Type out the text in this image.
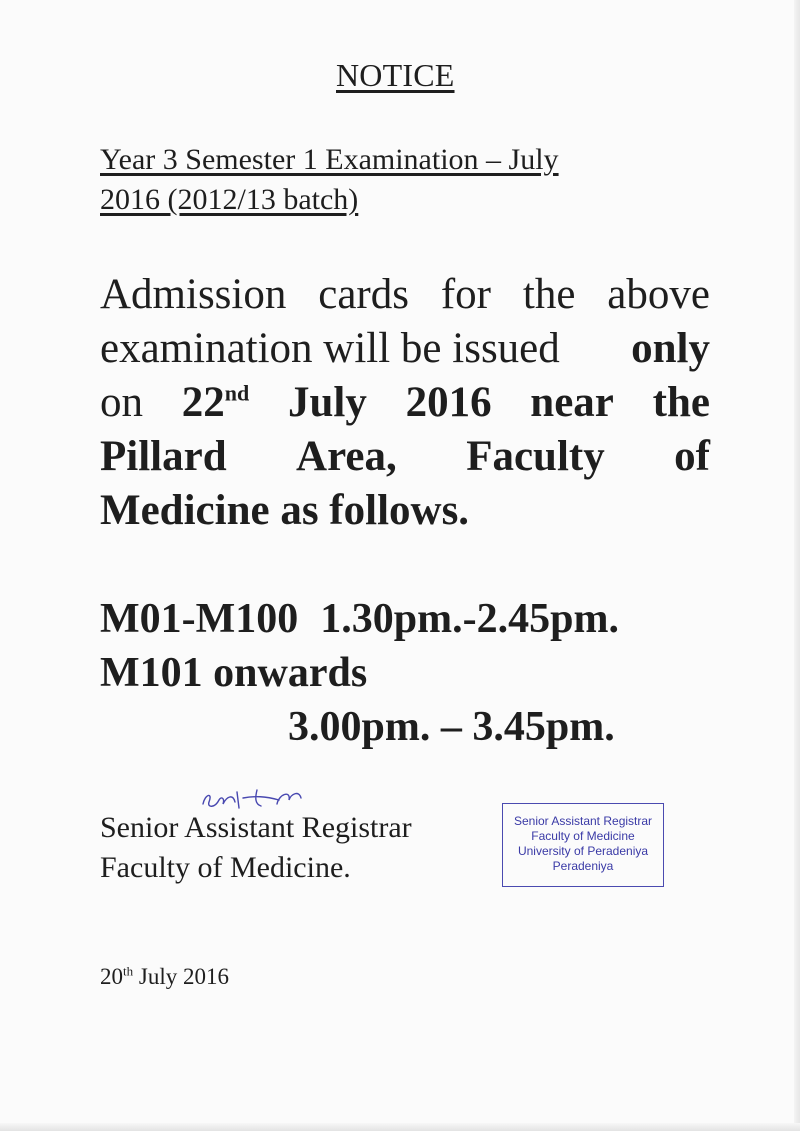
NOTICE
Year 3 Semester 1 Examination – July
2016 (2012/13 batch)
Admission cards for the above
examination will be issued only
on 22nd July 2016 near the
Pillard Area, Faculty of
Medicine as follows.
M01-M100 1.30pm.-2.45pm.
M101 onwards
3.00pm. – 3.45pm.
Senior Assistant Registrar
Faculty of Medicine.
Senior Assistant Registrar
Faculty of Medicine
University of Peradeniya
Peradeniya
20th July 2016
